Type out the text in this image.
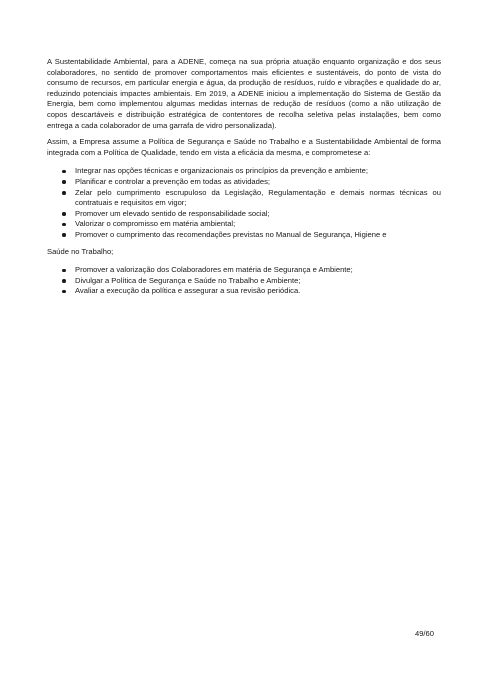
A Sustentabilidade Ambiental, para a ADENE, começa na sua própria atuação enquanto organização e dos seus colaboradores, no sentido de promover comportamentos mais eficientes e sustentáveis, do ponto de vista do consumo de recursos, em particular energia e água, da produção de resíduos, ruído e vibrações e qualidade do ar, reduzindo potenciais impactes ambientais. Em 2019, a ADENE iniciou a implementação do Sistema de Gestão da Energia, bem como implementou algumas medidas internas de redução de resíduos (como a não utilização de copos descartáveis e distribuição estratégica de contentores de recolha seletiva pelas instalações, bem como entrega a cada colaborador de uma garrafa de vidro personalizada).

Assim, a Empresa assume a Política de Segurança e Saúde no Trabalho e a Sustentabilidade Ambiental de forma integrada com a Política de Qualidade, tendo em vista a eficácia da mesma, e comprometese a:

Integrar nas opções técnicas e organizacionais os princípios da prevenção e ambiente;
Planificar e controlar a prevenção em todas as atividades;
Zelar pelo cumprimento escrupuloso da Legislação, Regulamentação e demais normas técnicas ou contratuais e requisitos em vigor;
Promover um elevado sentido de responsabilidade social;
Valorizar o compromisso em matéria ambiental;
Promover o cumprimento das recomendações previstas no Manual de Segurança, Higiene e

Saúde no Trabalho;

Promover a valorização dos Colaboradores em matéria de Segurança e Ambiente;
Divulgar a Política de Segurança e Saúde no Trabalho e Ambiente;
Avaliar a execução da política e assegurar a sua revisão periódica.
49/60
